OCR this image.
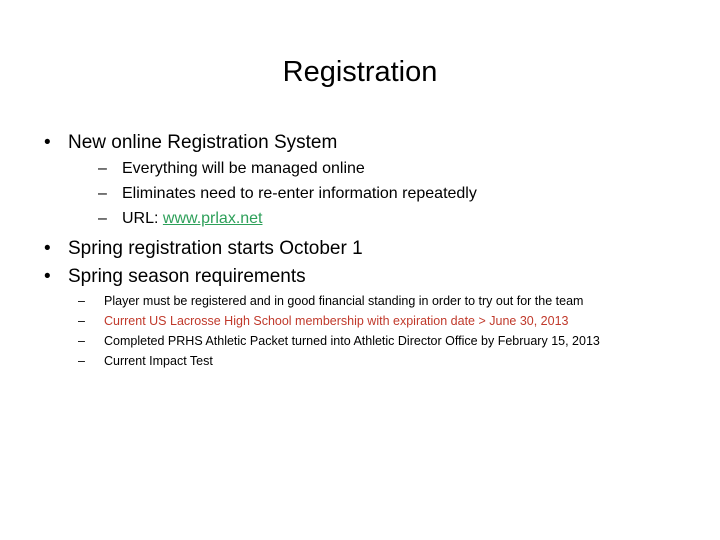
Registration
• New online Registration System
– Everything will be managed online
– Eliminates need to re-enter information repeatedly
– URL: www.prlax.net
• Spring registration starts October 1
• Spring season requirements
– Player must be registered and in good financial standing in order to try out for the team
– Current US Lacrosse High School membership with expiration date > June 30, 2013
– Completed PRHS Athletic Packet turned into Athletic Director Office by February 15, 2013
– Current Impact Test
